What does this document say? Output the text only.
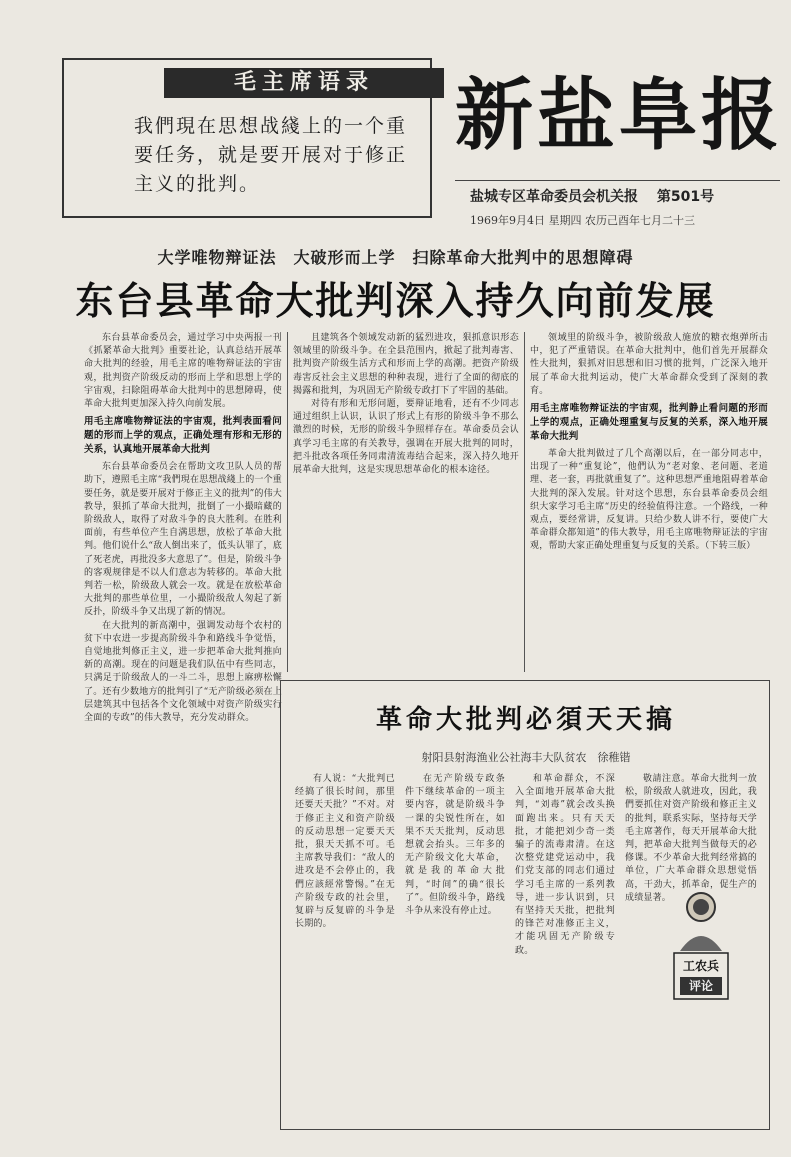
毛主席语录
我們現在思想战綫上的一个重要任务，就是要开展对于修正主义的批判。
新盐阜报
盐城专区革命委员会机关报 第501号
1969年9月4日 星期四 农历己酉年七月二十三
大学唯物辩证法　大破形而上学　扫除革命大批判中的思想障碍
东台县革命大批判深入持久向前发展

东台县革命委员会，通过学习中央两报一刊《抓紧革命大批判》重要社论，认真总结开展革命大批判的经验，用毛主席的唯物辩证法的宇宙观，批判资产阶级反动的形而上学和思想上学的宇宙观，扫除阻碍革命大批判中的思想障碍，使革命大批判更加深入持久向前发展。

用毛主席唯物辩证法的宇宙观，批判表面看问题的形而上学的观点，正确处理有形和无形的关系，认真地开展革命大批判

东台县革命委员会在帮助文攻卫队人员的帮助下，遵照毛主席“我們現在思想战綫上的一个重要任务，就是要开展对于修正主义的批判”的伟大教导，狠抓了革命大批判，批倒了一小撮暗藏的阶级敌人，取得了对敌斗争的良大胜利。在胜利面前，有些单位产生自满思想，放松了革命大批判。他们说什么“敌人倒出来了，低头认罪了，底了死老虎，再批没多大意思了”。但是，阶级斗争的客观规律是不以人们意志为转移的。革命大批判若一松，阶级敌人就会一攻。就是在放松革命大批判的那些单位里，一小撮阶级敌人匆起了新反扑，阶级斗争又出现了新的情况。

在大批判的新高潮中，强调发动每个农村的贫下中农进一步提高阶级斗争和路线斗争觉悟，自觉地批判修正主义，进一步把革命大批判推向新的高潮。现在的问题是我们队伍中有些同志，只满足于阶级敌人的一斗二斗，思想上麻痹松懈了。还有少数地方的批判引了“无产阶级必须在上层建筑其中包括各个文化领域中对资产阶级实行全面的专政”的伟大教导，充分发动群众。

且建筑各个领域发动新的猛烈进攻，狠抓意识形态领域里的阶级斗争。在全县范围内，掀起了批判毒害、批判资产阶级生活方式和形而上学的高潮。把资产阶级毒害反社会主义思想的种种表现，进行了全面的彻底的揭露和批判，为巩固无产阶级专政打下了牢固的基础。

对待有形和无形问题，要辩证地看，还有不少同志通过组织上认识，认识了形式上有形的阶级斗争不那么激烈的时候，无形的阶级斗争照样存在。革命委员会认真学习毛主席的有关教导，强调在开展大批判的同时，把斗批改各项任务同肃清流毒结合起来，深入持久地开展革命大批判，这是实现思想革命化的根本途径。

领域里的阶级斗争，被阶级敌人施放的糖衣炮弹所击中，犯了严重错误。在革命大批判中，他们首先开展群众性大批判，狠抓对旧思想和旧习惯的批判，广泛深入地开展了革命大批判运动，使广大革命群众受到了深刻的教育。

用毛主席唯物辩证法的宇宙观，批判静止看问题的形而上学的观点，正确处理重复与反复的关系，深入地开展革命大批判

革命大批判做过了几个高潮以后，在一部分同志中，出现了一种“重复论”，他們认为“老对象、老问题、老道理、老一套，再批就重复了”。这种思想严重地阻碍着革命大批判的深入发展。针对这个思想，东台县革命委员会组织大家学习毛主席“历史的经验值得注意。一个路线，一种观点，要经常讲，反复讲。只给少数人讲不行，要使广大革命群众都知道”的伟大教导，用毛主席唯物辩证法的宇宙观，帮助大家正确处理重复与反复的关系。（下转三版）

革命大批判必須天天搞
射阳县射海渔业公社海丰大队贫农　徐稚锴

有人说：“大批判已经搞了很长时间，那里还要天天批？”不对。对于修正主义和资产阶级的反动思想一定要天天批，狠天天抓不可。毛主席教导我们：“敌人的进攻是不会停止的，我們应該經常警惕。”在无产阶级专政的社会里，复辟与反复辟的斗争是长期的。

在无产阶级专政条件下继续革命的一项主要内容，就是阶级斗争一课的尖锐性所在，如果不天天批判，反动思想就会抬头。三年多的无产阶级文化大革命，就是我的革命大批判，“时间”的确“很长了”。但阶级斗争，路线斗争从来没有停止过。

和革命群众，不深入全面地开展革命大批判，“刘毒”就会改头换面跑出来。只有天天批，才能把刘少奇一类骗子的流毒肃清。在这次整党建党运动中，我们党支部的同志们通过学习毛主席的一系列教导，进一步认识到，只有坚持天天批，把批判的锋芒对准修正主义，才能巩固无产阶级专政。

敬請注意。革命大批判一放松，阶级敌人就进攻，因此，我們要抓住对资产阶级和修正主义的批判，联系实际，坚持每天学毛主席著作，每天开展革命大批判，把革命大批判当做每天的必修课。不少革命大批判经常搞的单位，广大革命群众思想觉悟高，干劲大，抓革命，促生产的成绩显著。

工农兵
评论
